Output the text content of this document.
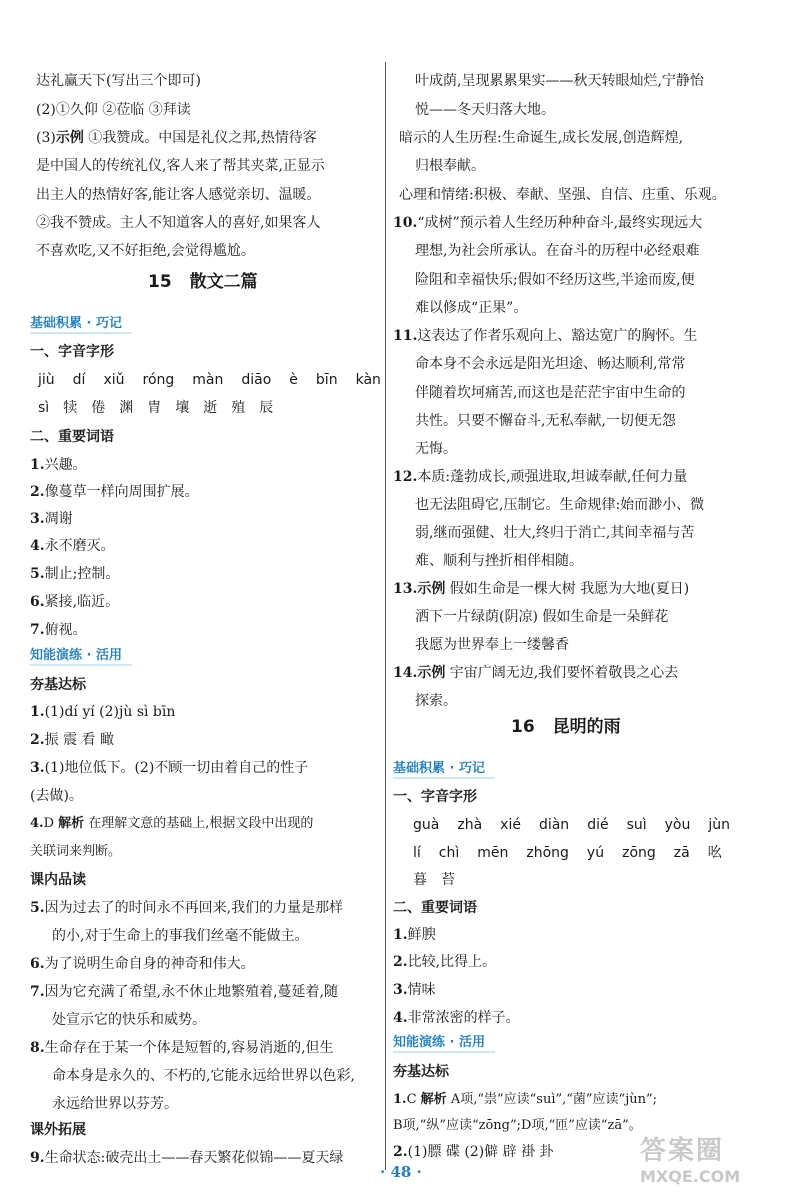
达礼赢天下(写出三个即可)
(2)①久仰 ②莅临 ③拜读
(3)示例 ①我赞成。中国是礼仪之邦,热情待客
是中国人的传统礼仪,客人来了帮其夹菜,正显示
出主人的热情好客,能让客人感觉亲切、温暖。
②我不赞成。主人不知道客人的喜好,如果客人
不喜欢吃,又不好拒绝,会觉得尴尬。
15 散文二篇
基础积累 · 巧记
一、字音字形
jiù dí xiǔ róng màn diāo è bīn kàn
sì 犊 倦 渊 胄 壤 逝 殖 辰
二、重要词语
1.兴趣。
2.像蔓草一样向周围扩展。
3.凋谢
4.永不磨灭。
5.制止;控制。
6.紧接,临近。
7.俯视。
知能演练 · 活用
夯基达标
1.(1)dí yí (2)jù sì bīn
2.振 震 看 瞰
3.(1)地位低下。(2)不顾一切由着自己的性子
(去做)。
4.D 解析 在理解文意的基础上,根据文段中出现的
关联词来判断。
课内品读
5.因为过去了的时间永不再回来,我们的力量是那样
的小,对于生命上的事我们丝毫不能做主。
6.为了说明生命自身的神奇和伟大。
7.因为它充满了希望,永不休止地繁殖着,蔓延着,随
处宣示它的快乐和威势。
8.生命存在于某一个体是短暂的,容易消逝的,但生
命本身是永久的、不朽的,它能永远给世界以色彩,
永远给世界以芬芳。
课外拓展
9.生命状态:破壳出土——春天繁花似锦——夏天绿
叶成荫,呈现累累果实——秋天转眼灿烂,宁静怡
悦——冬天归落大地。
暗示的人生历程:生命诞生,成长发展,创造辉煌,
归根奉献。
心理和情绪:积极、奉献、坚强、自信、庄重、乐观。
10.“成树”预示着人生经历种种奋斗,最终实现远大
理想,为社会所承认。在奋斗的历程中必经艰难
险阻和幸福快乐;假如不经历这些,半途而废,便
难以修成“正果”。
11.这表达了作者乐观向上、豁达宽广的胸怀。生
命本身不会永远是阳光坦途、畅达顺利,常常
伴随着坎坷痛苦,而这也是茫茫宇宙中生命的
共性。只要不懈奋斗,无私奉献,一切便无怨
无悔。
12.本质:蓬勃成长,顽强进取,坦诚奉献,任何力量
也无法阻碍它,压制它。生命规律:始而渺小、微
弱,继而强健、壮大,终归于消亡,其间幸福与苦
难、顺利与挫折相伴相随。
13.示例 假如生命是一棵大树 我愿为大地(夏日)
洒下一片绿荫(阴凉) 假如生命是一朵鲜花
我愿为世界奉上一缕馨香
14.示例 宇宙广阔无边,我们要怀着敬畏之心去
探索。
16 昆明的雨
基础积累 · 巧记
一、字音字形
guà zhà xié diàn dié suì yòu jùn
lí chì mēn zhōng yú zōng zā 吆
暮 苔
二、重要词语
1.鲜腴
2.比较,比得上。
3.情味
4.非常浓密的样子。
知能演练 · 活用
夯基达标
1.C 解析 A项,“祟”应读“suì”,“菌”应读“jùn”;
B项,“纵”应读“zōng”;D项,“匝”应读“zā”。
2.(1)膘 碟 (2)僻 辟 褂 卦
· 48 ·
答案圈
MXQE.COM
